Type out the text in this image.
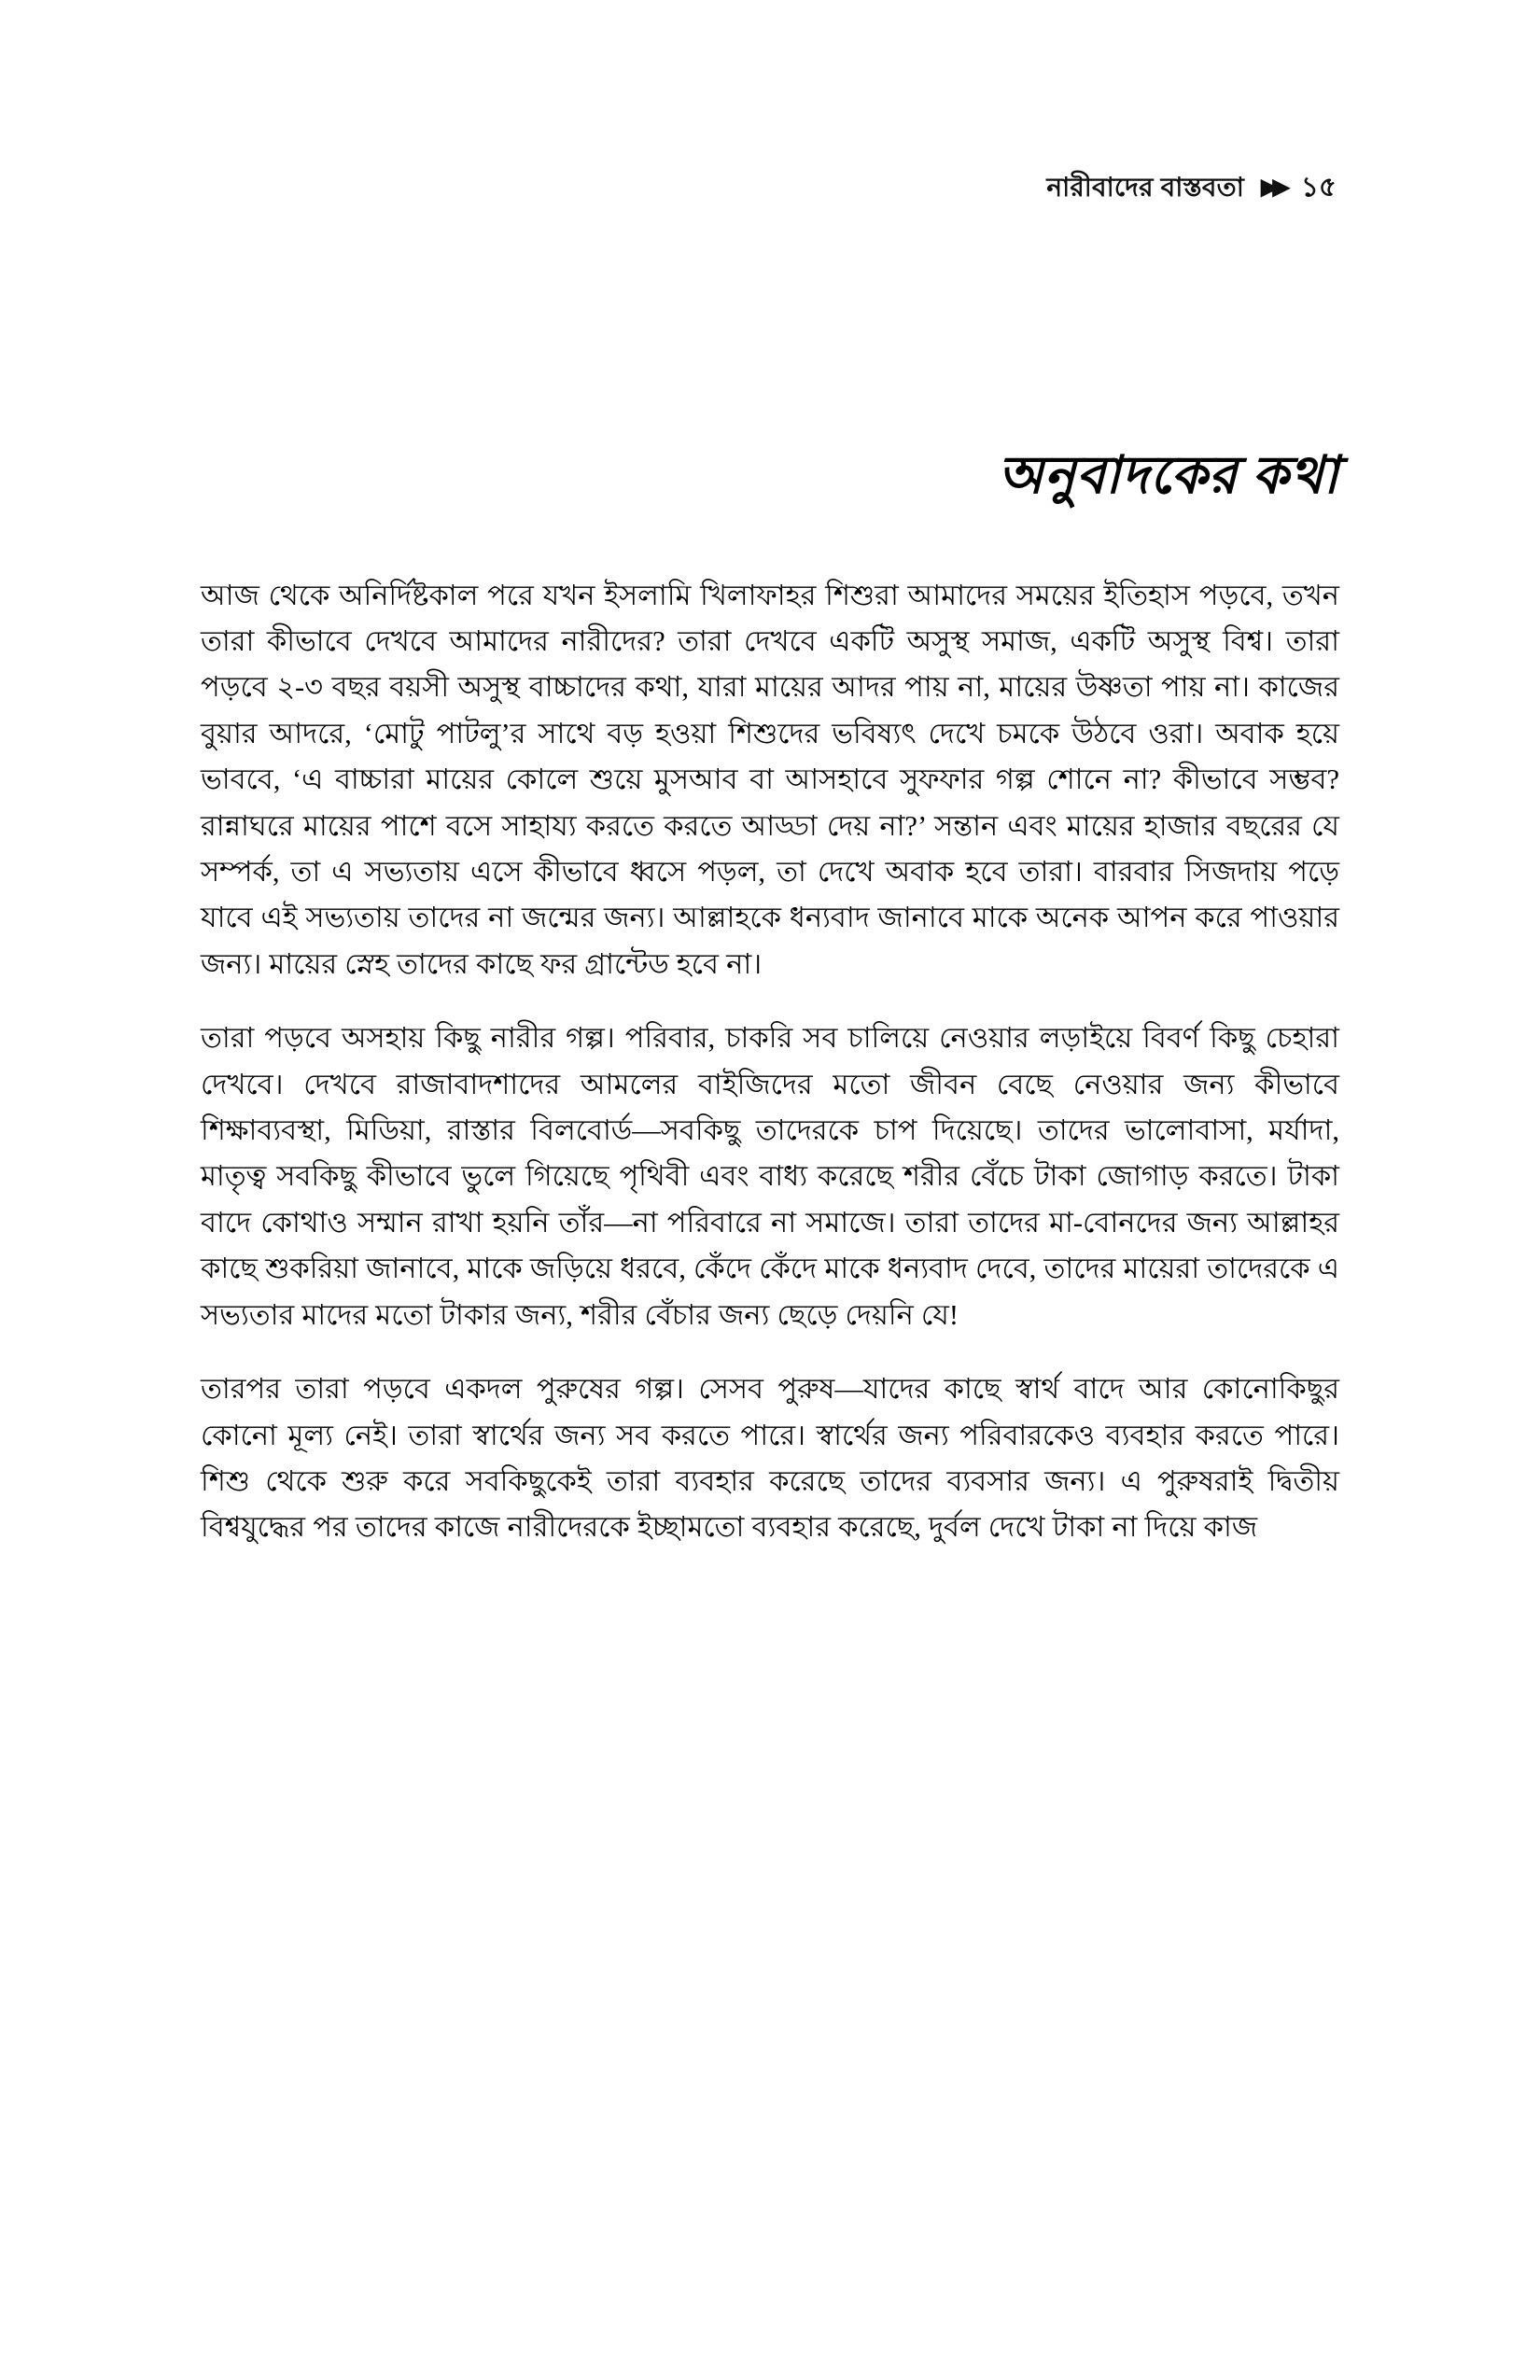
নারীবাদের বাস্তবতা ▶▶ ১৫
অনুবাদকের কথা

আজ থেকে অনির্দিষ্টকাল পরে যখন ইসলামি খিলাফাহর শিশুরা আমাদের সময়ের ইতিহাস পড়বে, তখন তারা কীভাবে দেখবে আমাদের নারীদের? তারা দেখবে একটি অসুস্থ সমাজ, একটি অসুস্থ বিশ্ব। তারা পড়বে ২-৩ বছর বয়সী অসুস্থ বাচ্চাদের কথা, যারা মায়ের আদর পায় না, মায়ের উষ্ণতা পায় না। কাজের বুয়ার আদরে, ‘মোটু পাটলু’র সাথে বড় হওয়া শিশুদের ভবিষ্যৎ দেখে চমকে উঠবে ওরা। অবাক হয়ে ভাববে, ‘এ বাচ্চারা মায়ের কোলে শুয়ে মুসআব বা আসহাবে সুফফার গল্প শোনে না? কীভাবে সম্ভব? রান্নাঘরে মায়ের পাশে বসে সাহায্য করতে করতে আড্ডা দেয় না?’ সন্তান এবং মায়ের হাজার বছরের যে সম্পর্ক, তা এ সভ্যতায় এসে কীভাবে ধ্বসে পড়ল, তা দেখে অবাক হবে তারা। বারবার সিজদায় পড়ে যাবে এই সভ্যতায় তাদের না জন্মের জন্য। আল্লাহকে ধন্যবাদ জানাবে মাকে অনেক আপন করে পাওয়ার জন্য। মায়ের স্নেহ তাদের কাছে ফর গ্রান্টেড হবে না।

তারা পড়বে অসহায় কিছু নারীর গল্প। পরিবার, চাকরি সব চালিয়ে নেওয়ার লড়াইয়ে বিবর্ণ কিছু চেহারা দেখবে। দেখবে রাজাবাদশাদের আমলের বাইজিদের মতো জীবন বেছে নেওয়ার জন্য কীভাবে শিক্ষাব্যবস্থা, মিডিয়া, রাস্তার বিলবোর্ড—সবকিছু তাদেরকে চাপ দিয়েছে। তাদের ভালোবাসা, মর্যাদা, মাতৃত্ব সবকিছু কীভাবে ভুলে গিয়েছে পৃথিবী এবং বাধ্য করেছে শরীর বেঁচে টাকা জোগাড় করতে। টাকা বাদে কোথাও সম্মান রাখা হয়নি তাঁর—না পরিবারে না সমাজে। তারা তাদের মা-বোনদের জন্য আল্লাহর কাছে শুকরিয়া জানাবে, মাকে জড়িয়ে ধরবে, কেঁদে কেঁদে মাকে ধন্যবাদ দেবে, তাদের মায়েরা তাদেরকে এ সভ্যতার মাদের মতো টাকার জন্য, শরীর বেঁচার জন্য ছেড়ে দেয়নি যে!

তারপর তারা পড়বে একদল পুরুষের গল্প। সেসব পুরুষ—যাদের কাছে স্বার্থ বাদে আর কোনোকিছুর কোনো মূল্য নেই। তারা স্বার্থের জন্য সব করতে পারে। স্বার্থের জন্য পরিবারকেও ব্যবহার করতে পারে। শিশু থেকে শুরু করে সবকিছুকেই তারা ব্যবহার করেছে তাদের ব্যবসার জন্য। এ পুরুষরাই দ্বিতীয় বিশ্বযুদ্ধের পর তাদের কাজে নারীদেরকে ইচ্ছামতো ব্যবহার করেছে, দুর্বল দেখে টাকা না দিয়ে কাজ
